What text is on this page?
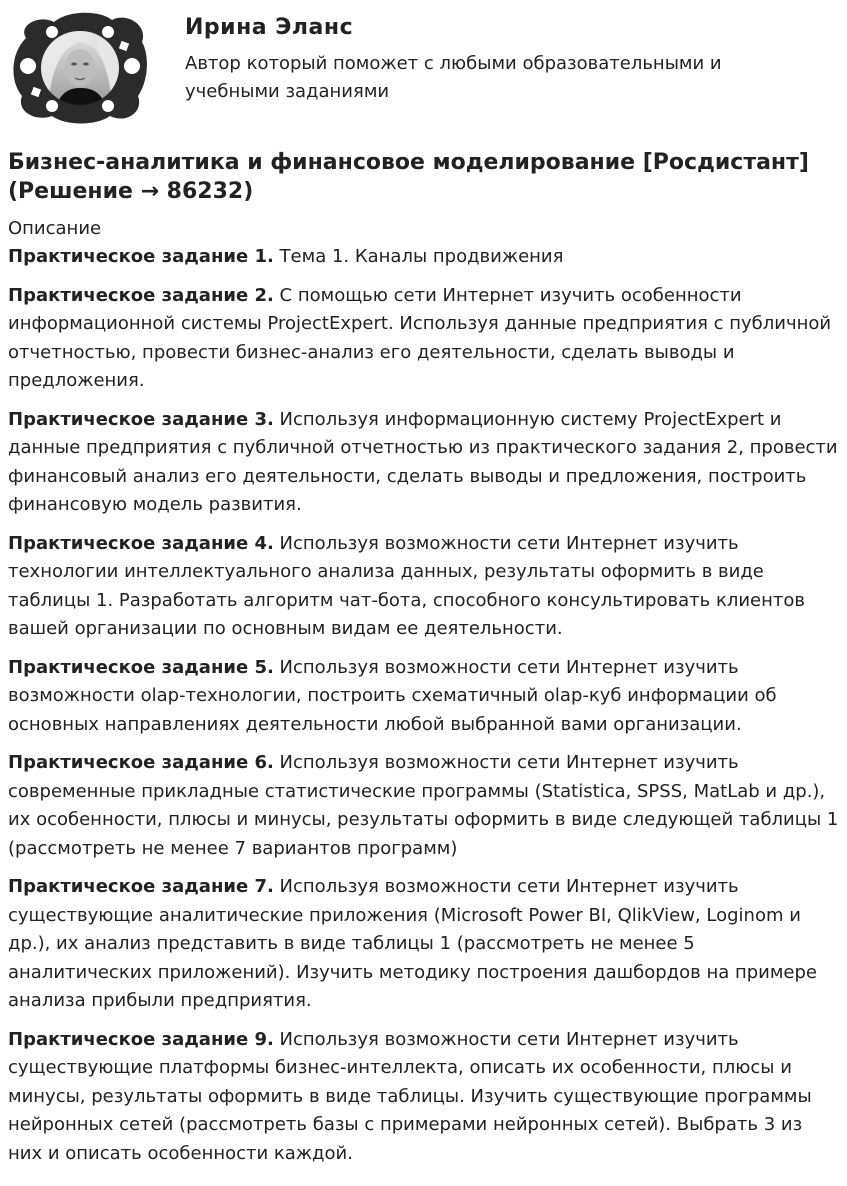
Ирина Эланс
Автор который поможет с любыми образовательными и учебными заданиями
Бизнес-аналитика и финансовое моделирование [Росдистант] (Решение → 86232)
Описание

Практическое задание 1. Тема 1. Каналы продвижения

Практическое задание 2. С помощью сети Интернет изучить особенности информационной системы ProjectExpert. Используя данные предприятия с публичной отчетностью, провести бизнес-анализ его деятельности, сделать выводы и предложения.

Практическое задание 3. Используя информационную систему ProjectExpert и данные предприятия с публичной отчетностью из практического задания 2, провести финансовый анализ его деятельности, сделать выводы и предложения, построить финансовую модель развития.

Практическое задание 4. Используя возможности сети Интернет изучить технологии интеллектуального анализа данных, результаты оформить в виде таблицы 1. Разработать алгоритм чат-бота, способного консультировать клиентов вашей организации по основным видам ее деятельности.

Практическое задание 5. Используя возможности сети Интернет изучить возможности olap-технологии, построить схематичный olap-куб информации об основных направлениях деятельности любой выбранной вами организации.

Практическое задание 6. Используя возможности сети Интернет изучить современные прикладные статистические программы (Statistica, SPSS, MatLab и др.), их особенности, плюсы и минусы, результаты оформить в виде следующей таблицы 1 (рассмотреть не менее 7 вариантов программ)

Практическое задание 7. Используя возможности сети Интернет изучить существующие аналитические приложения (Microsoft Power BI, QlikView, Loginom и др.), их анализ представить в виде таблицы 1 (рассмотреть не менее 5 аналитических приложений). Изучить методику построения дашбордов на примере анализа прибыли предприятия.

Практическое задание 9. Используя возможности сети Интернет изучить существующие платформы бизнес-интеллекта, описать их особенности, плюсы и минусы, результаты оформить в виде таблицы. Изучить существующие программы нейронных сетей (рассмотреть базы с примерами нейронных сетей). Выбрать 3 из них и описать особенности каждой.
